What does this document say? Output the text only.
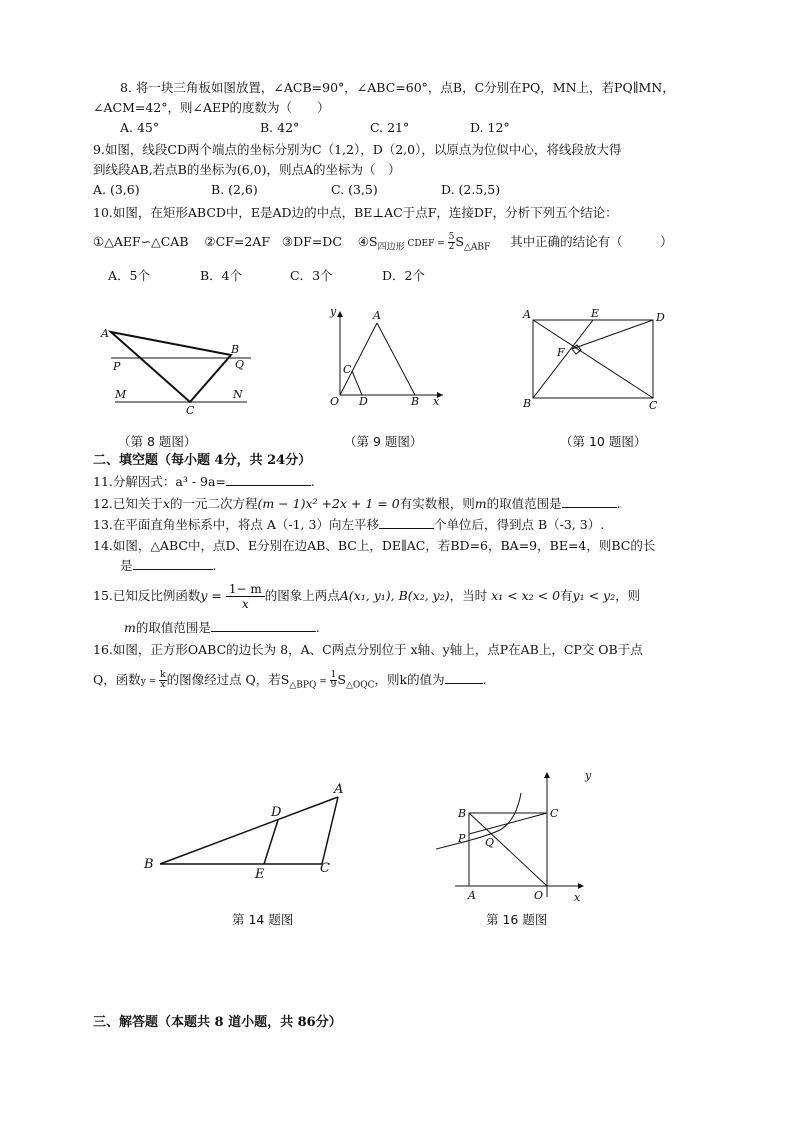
8. 将一块三角板如图放置，∠ACB=90°，∠ABC=60°，点B，C分别在PQ，MN上，若PQ∥MN，
∠ACM=42°，则∠AEP的度数为（　　）
A. 45°	B. 42°	C. 21°	D. 12°
9.如图，线段CD两个端点的坐标分别为C（1,2），D（2,0），以原点为位似中心，将线段放大得
到线段AB,若点B的坐标为(6,0)，则点A的坐标为（　）
A. (3,6)	B. (2,6)	C. (3,5)	D. (2.5,5)
10.如图，在矩形ABCD中，E是AD边的中点，BE⊥AC于点F，连接DF，分析下列五个结论：
①△AEF∽△CAB ②CF=2AF ③DF=DC $④S_{四边形}$ CDEF = $\frac{5}{2} S_{\triangle ABF}$ 其中正确的结论有（　　　）
A．5个	B．4个	C．3个	D．2个
A
B
P	Q
M	N
C
y
x
O
A
B
C
D
A	E	D
F
B	C
（第 8 题图）	（第 9 题图）	（第 10 题图）
二、填空题（每小题 4分，共 24分）
11.分解因式：a³ - 9a=	.
12.已知关于x的一元二次方程(m − 1)x² +2x + 1 = 0有实数根，则m的取值范围是	.
13.在平面直角坐标系中，将点 A（-1, 3）向左平移	个单位后，得到点 B（-3, 3）.
14.如图，△ABC中，点D、E分别在边AB、BC上，DE∥AC，若BD=6，BA=9，BE=4，则BC的长
是	.
15.已知反比例函数$y = \frac{1- m}{x}$ 的图象上两点A(x₁, y₁), B(x₂, y₂)，当时 x₁ < x₂ < 0有y₁ < y₂，则
m的取值范围是	.
16.如图，正方形OABC的边长为 8，A、C两点分别位于 x轴、y轴上，点P在AB上，CP交 OB于点
Q，函数$y = \frac{k}{x}$ 的图像经过点 Q，若$S_{\triangle BPQ} = \frac{1}{9} S_{\triangle OQC}$，则k的值为	.
B
A
D
E	C
y
x
O
A
B	C
P Q
第 14 题图	第 16 题图
三、解答题（本题共 8 道小题，共 86分）
